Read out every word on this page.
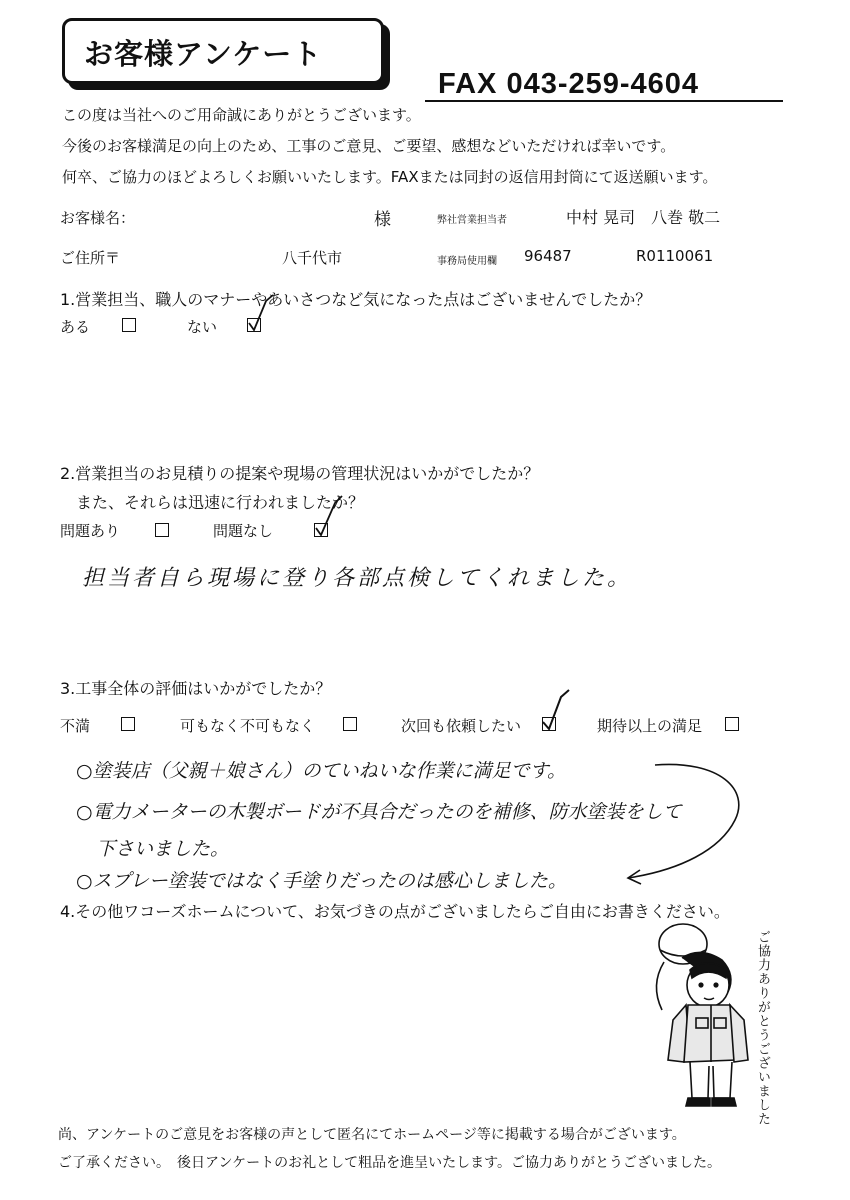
お客様アンケート
FAX 043-259-4604
この度は当社へのご用命誠にありがとうございます。
今後のお客様満足の向上のため、工事のご意見、ご要望、感想などいただければ幸いです。
何卒、ご協力のほどよろしくお願いいたします。FAXまたは同封の返信用封筒にて返送願います。
お客様名：	様	弊社営業担当者	中村 晃司　八巻 敬二
ご住所〒	八千代市	事務局使用欄 96487	R0110061
1.営業担当、職人のマナーやあいさつなど気になった点はございませんでしたか？
ある	ない
2.営業担当のお見積りの提案や現場の管理状況はいかがでしたか？
また、それらは迅速に行われましたか？
問題あり	問題なし
担当者自ら現場に登り各部点検してくれました。
3.工事全体の評価はいかがでしたか？
不満	可もなく不可もなく	次回も依頼したい	期待以上の満足
○塗装店（父親＋娘さん）のていねいな作業に満足です。
○電力メーターの木製ボードが不具合だったのを補修、防水塗装をして
下さいました。
○スプレー塗装ではなく手塗りだったのは感心しました。
4.その他ワコーズホームについて、お気づきの点がございましたらご自由にお書きください。
ご協力ありがとうございました
尚、アンケートのご意見をお客様の声として匿名にてホームページ等に掲載する場合がございます。
ご了承ください。　後日アンケートのお礼として粗品を進呈いたします。ご協力ありがとうございました。
